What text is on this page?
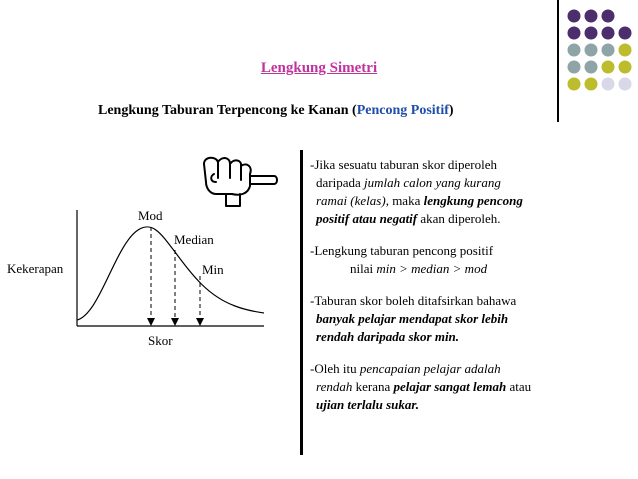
Lengkung Simetri
Lengkung Taburan Terpencong ke Kanan (Pencong Positif)
Mod
Median
Min
Kekerapan
Skor
-Jika sesuatu taburan skor diperoleh
daripada jumlah calon yang kurang
ramai (kelas), maka lengkung pencong
positif atau negatif akan diperoleh.
-Lengkung taburan pencong positif
nilai min > median > mod
-Taburan skor boleh ditafsirkan bahawa
banyak pelajar mendapat skor lebih
rendah daripada skor min.
-Oleh itu pencapaian pelajar adalah
rendah kerana pelajar sangat lemah atau
ujian terlalu sukar.
